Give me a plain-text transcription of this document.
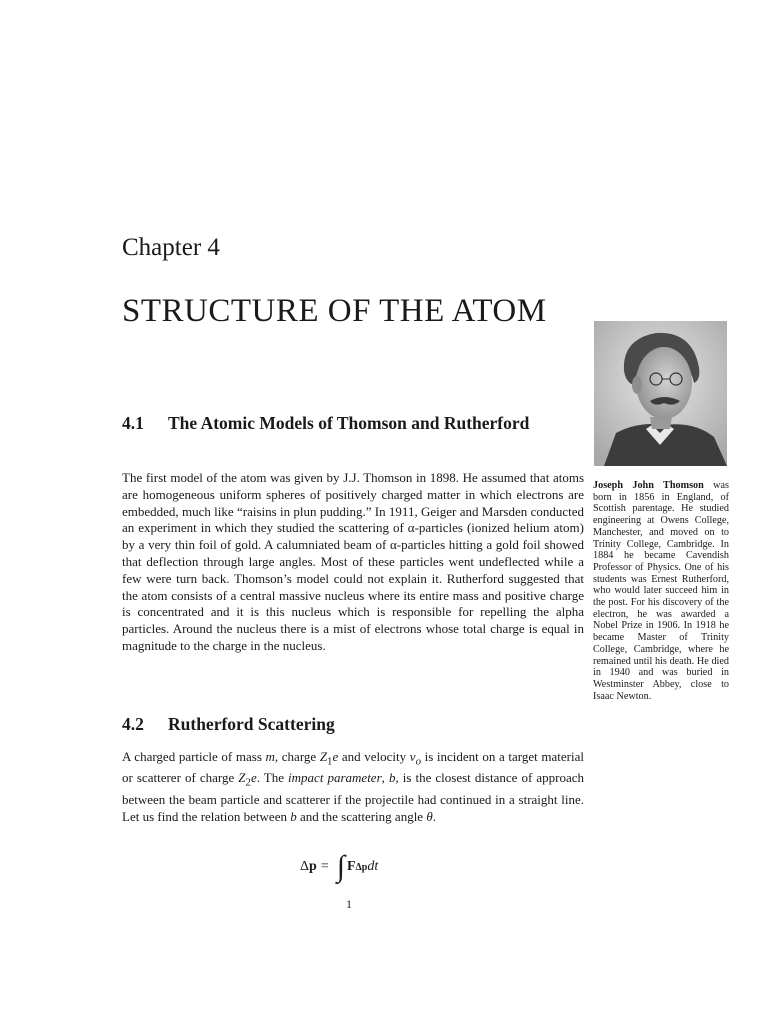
Chapter 4
STRUCTURE OF THE ATOM
4.1 The Atomic Models of Thomson and Rutherford
The first model of the atom was given by J.J. Thomson in 1898. He assumed that atoms are homogeneous uniform spheres of positively charged matter in which electrons are embedded, much like “raisins in plun pudding.” In 1911, Geiger and Marsden conducted an experiment in which they studied the scattering of α-particles (ionized helium atom) by a very thin foil of gold. A calumniated beam of α-particles hitting a gold foil showed that deflection through large angles. Most of these particles went undeflected while a few were turn back. Thomson’s model could not explain it. Rutherford suggested that the atom consists of a central massive nucleus where its entire mass and positive charge is concentrated and it is this nucleus which is responsible for repelling the alpha particles. Around the nucleus there is a mist of electrons whose total charge is equal in magnitude to the charge in the nucleus.
4.2 Rutherford Scattering
A charged particle of mass m, charge $Z_1e$ and velocity $v_o$ is incident on a target material or scatterer of charge $Z_2e$. The impact parameter, b, is the closest distance of approach between the beam particle and scatterer if the projectile had continued in a straight line. Let us find the relation between b and the scattering angle θ.
Δ p = ∫ F Δp dt
1
Joseph John Thomson was born in 1856 in England, of Scottish parentage. He studied engineering at Owens College, Manchester, and moved on to Trinity College, Cambridge. In 1884 he became Cavendish Professor of Physics. One of his students was Ernest Rutherford, who would later succeed him in the post. For his discovery of the electron, he was awarded a Nobel Prize in 1906. In 1918 he became Master of Trinity College, Cambridge, where he remained until his death. He died in 1940 and was buried in Westminster Abbey, close to Isaac Newton.
